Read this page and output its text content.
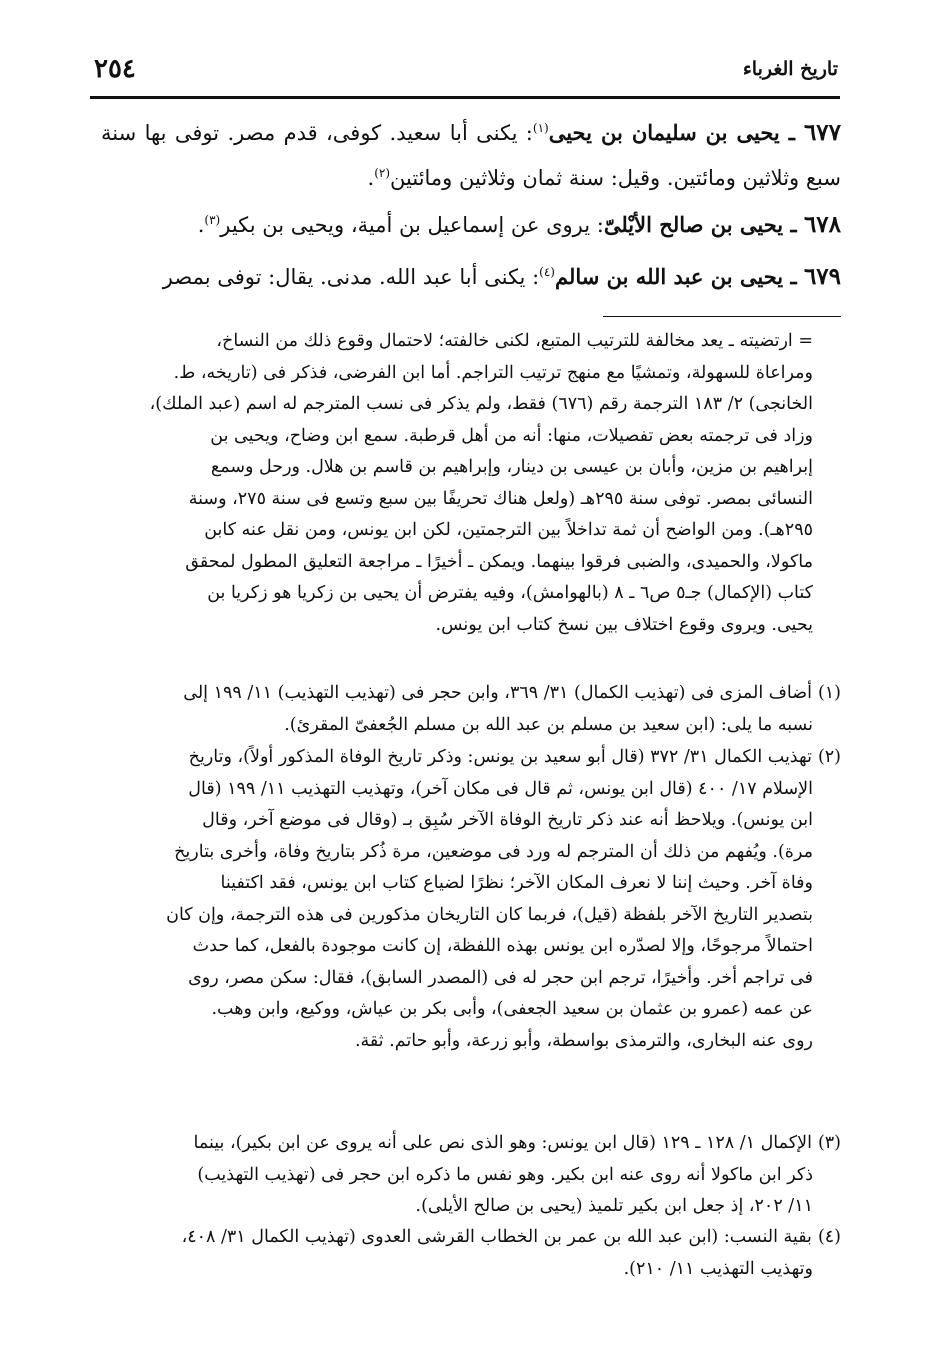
تاريخ الغرباء
٢٥٤
٦٧٧ ـ يحيى بن سليمان بن يحيى$^{(١)}$: يكنى أبا سعيد. كوفى، قدم مصر. توفى بها سنة سبع وثلاثين ومائتين. وقيل: سنة ثمان وثلاثين ومائتين$^{(٢)}$.
٦٧٨ ـ يحيى بن صالح الأيْلىّ: يروى عن إسماعيل بن أمية، ويحيى بن بكير$^{(٣)}$.
٦٧٩ ـ يحيى بن عبد الله بن سالم$^{(٤)}$: يكنى أبا عبد الله. مدنى. يقال: توفى بمصر
= ارتضيته ـ يعد مخالفة للترتيب المتبع، لكنى خالفته؛ لاحتمال وقوع ذلك من النساخ،
ومراعاة للسهولة، وتمشيًا مع منهج ترتيب التراجم. أما ابن الفرضى، فذكر فى (تاريخه، ط.
الخانجى) ٢/ ١٨٣ الترجمة رقم (٦٧٦) فقط، ولم يذكر فى نسب المترجم له اسم (عبد الملك)،
وزاد فى ترجمته بعض تفصيلات، منها: أنه من أهل قرطبة. سمع ابن وضاح، ويحيى بن
إبراهيم بن مزين، وأبان بن عيسى بن دينار، وإبراهيم بن قاسم بن هلال. ورحل وسمع
النسائى بمصر. توفى سنة ٢٩٥هـ (ولعل هناك تحريفًا بين سبع وتسع فى سنة ٢٧٥، وسنة
٢٩٥هـ). ومن الواضح أن ثمة تداخلاً بين الترجمتين، لكن ابن يونس، ومن نقل عنه كابن
ماكولا، والحميدى، والضبى فرقوا بينهما. ويمكن ـ أخيرًا ـ مراجعة التعليق المطول لمحقق
كتاب (الإكمال) جـ٥ ص٦ ـ ٨ (بالهوامش)، وفيه يفترض أن يحيى بن زكريا هو زكريا بن
يحيى. ويروى وقوع اختلاف بين نسخ كتاب ابن يونس.
(١)أضاف المزى فى (تهذيب الكمال) ٣١/ ٣٦٩، وابن حجر فى (تهذيب التهذيب) ١١/ ١٩٩ إلى
نسبه ما يلى: (ابن سعيد بن مسلم بن عبد الله بن مسلم الجُعفىّ المقرئ).
(٢)تهذيب الكمال ٣١/ ٣٧٢ (قال أبو سعيد بن يونس: وذكر تاريخ الوفاة المذكور أولاً)، وتاريخ
الإسلام ١٧/ ٤٠٠ (قال ابن يونس، ثم قال فى مكان آخر)، وتهذيب التهذيب ١١/ ١٩٩ (قال
ابن يونس). ويلاحظ أنه عند ذكر تاريخ الوفاة الآخر سُبِق بـ (وقال فى موضع آخر، وقال
مرة). ويُفهم من ذلك أن المترجم له ورد فى موضعين، مرة ذُكر بتاريخ وفاة، وأخرى بتاريخ
وفاة آخر. وحيث إننا لا نعرف المكان الآخر؛ نظرًا لضياع كتاب ابن يونس، فقد اكتفينا
بتصدير التاريخ الآخر بلفظة (قيل)، فربما كان التاريخان مذكورين فى هذه الترجمة، وإن كان
احتمالاً مرجوحًا، وإلا لصدّره ابن يونس بهذه اللفظة، إن كانت موجودة بالفعل، كما حدث
فى تراجم أخر. وأخيرًا، ترجم ابن حجر له فى (المصدر السابق)، فقال: سكن مصر، روى
عن عمه (عمرو بن عثمان بن سعيد الجعفى)، وأبى بكر بن عياش، ووكيع، وابن وهب.
روى عنه البخارى، والترمذى بواسطة، وأبو زرعة، وأبو حاتم. ثقة.
(٣)الإكمال ١/ ١٢٨ ـ ١٢٩ (قال ابن يونس: وهو الذى نص على أنه يروى عن ابن بكير)، بينما
ذكر ابن ماكولا أنه روى عنه ابن بكير. وهو نفس ما ذكره ابن حجر فى (تهذيب التهذيب)
١١/ ٢٠٢، إذ جعل ابن بكير تلميذ (يحيى بن صالح الأيلى).
(٤)بقية النسب: (ابن عبد الله بن عمر بن الخطاب القرشى العدوى (تهذيب الكمال ٣١/ ٤٠٨،
وتهذيب التهذيب ١١/ ٢١٠).
